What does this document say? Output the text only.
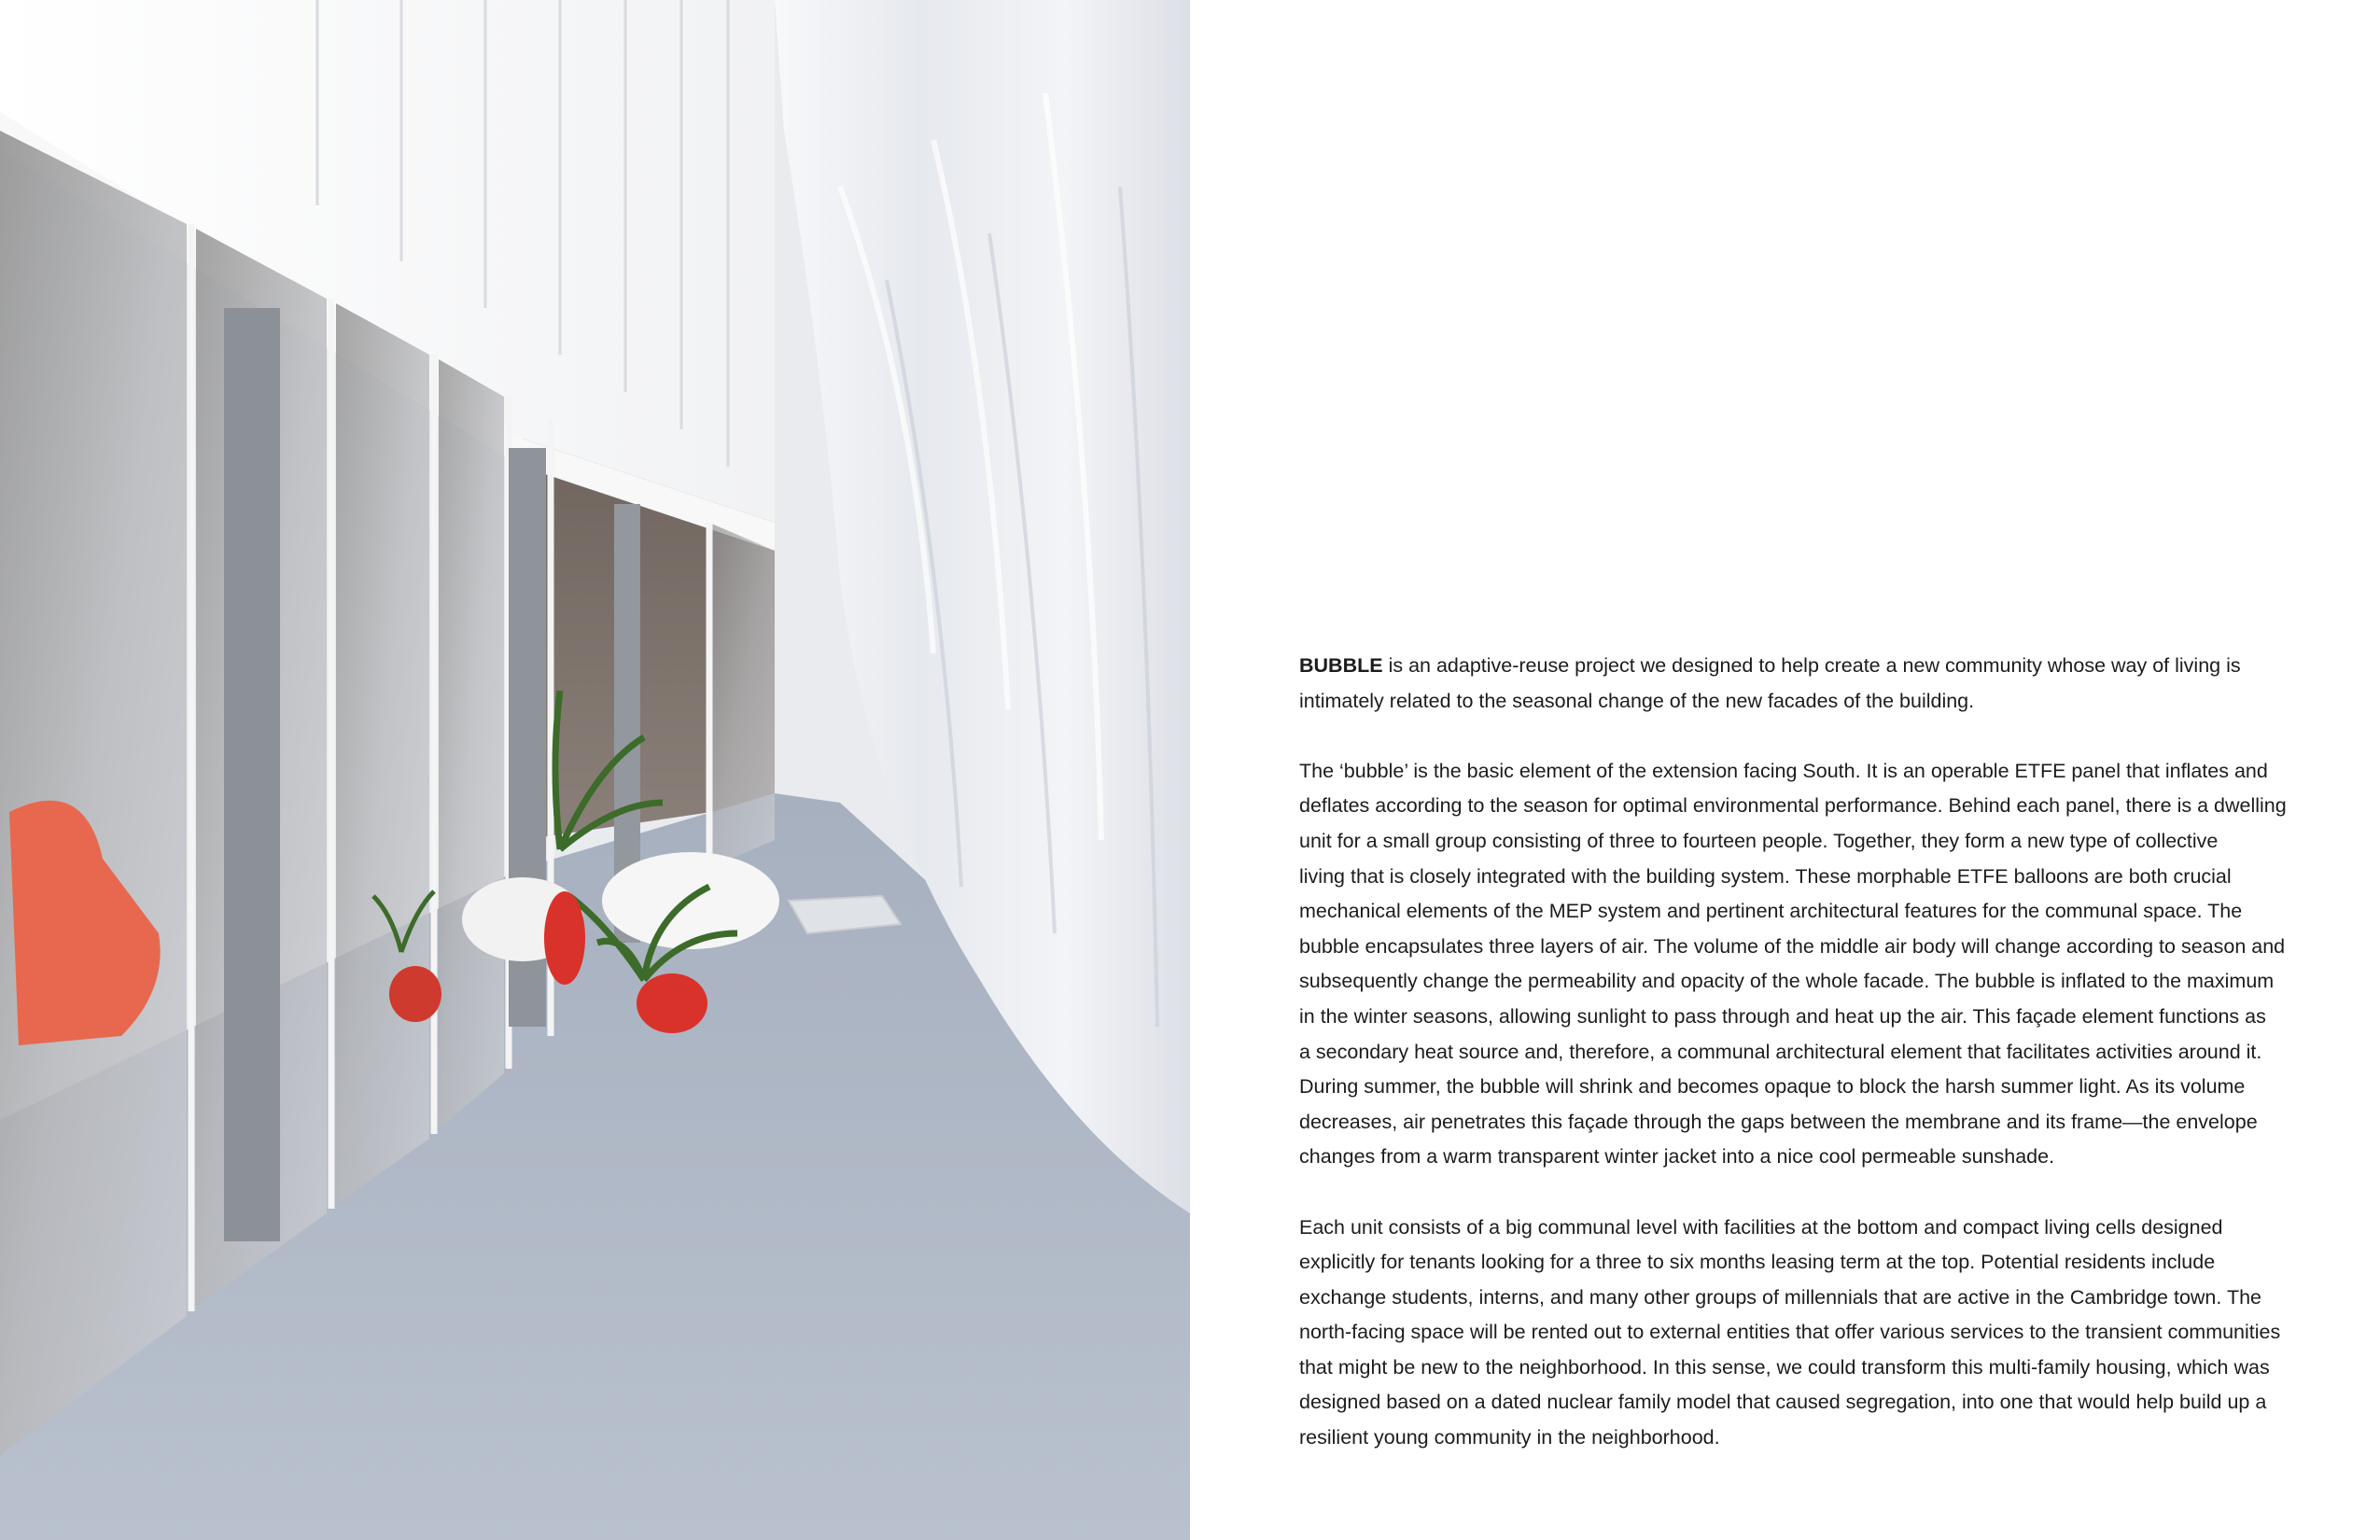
BUBBLE is an adaptive-reuse project we designed to help create a new community whose way of living is
intimately related to the seasonal change of the new facades of the building.

The ‘bubble’ is the basic element of the extension facing South. It is an operable ETFE panel that inflates and
deflates according to the season for optimal environmental performance. Behind each panel, there is a dwelling
unit for a small group consisting of three to fourteen people. Together, they form a new type of collective
living that is closely integrated with the building system. These morphable ETFE balloons are both crucial
mechanical elements of the MEP system and pertinent architectural features for the communal space. The
bubble encapsulates three layers of air. The volume of the middle air body will change according to season and
subsequently change the permeability and opacity of the whole facade. The bubble is inflated to the maximum
in the winter seasons, allowing sunlight to pass through and heat up the air. This façade element functions as
a secondary heat source and, therefore, a communal architectural element that facilitates activities around it.
During summer, the bubble will shrink and becomes opaque to block the harsh summer light. As its volume
decreases, air penetrates this façade through the gaps between the membrane and its frame—the envelope
changes from a warm transparent winter jacket into a nice cool permeable sunshade.

Each unit consists of a big communal level with facilities at the bottom and compact living cells designed
explicitly for tenants looking for a three to six months leasing term at the top. Potential residents include
exchange students, interns, and many other groups of millennials that are active in the Cambridge town. The
north-facing space will be rented out to external entities that offer various services to the transient communities
that might be new to the neighborhood. In this sense, we could transform this multi-family housing, which was
designed based on a dated nuclear family model that caused segregation, into one that would help build up a
resilient young community in the neighborhood.
